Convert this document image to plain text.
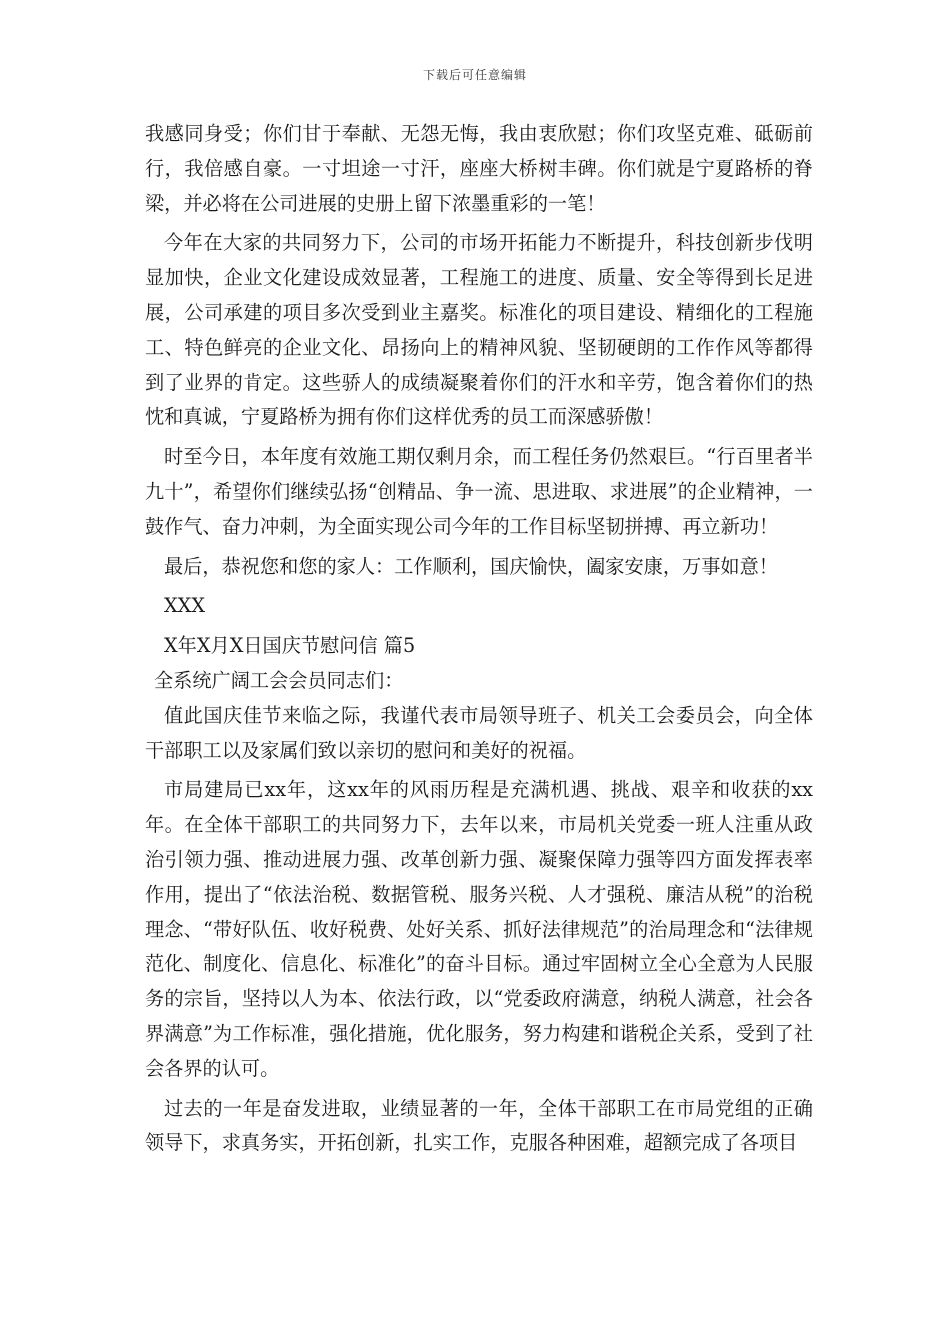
下载后可任意编辑

我感同身受；你们甘于奉献、无怨无悔，我由衷欣慰；你们攻坚克难、砥砺前行，我倍感自豪。一寸坦途一寸汗，座座大桥树丰碑。你们就是宁夏路桥的脊梁，并必将在公司进展的史册上留下浓墨重彩的一笔！

今年在大家的共同努力下，公司的市场开拓能力不断提升，科技创新步伐明显加快，企业文化建设成效显著，工程施工的进度、质量、安全等得到长足进展，公司承建的项目多次受到业主嘉奖。标准化的项目建设、精细化的工程施工、特色鲜亮的企业文化、昂扬向上的精神风貌、坚韧硬朗的工作作风等都得到了业界的肯定。这些骄人的成绩凝聚着你们的汗水和辛劳，饱含着你们的热忱和真诚，宁夏路桥为拥有你们这样优秀的员工而深感骄傲！

时至今日，本年度有效施工期仅剩月余，而工程任务仍然艰巨。“行百里者半九十”，希望你们继续弘扬“创精品、争一流、思进取、求进展”的企业精神，一鼓作气、奋力冲刺，为全面实现公司今年的工作目标坚韧拼搏、再立新功！

最后，恭祝您和您的家人：工作顺利，国庆愉快，阖家安康，万事如意！

XXX

X年X月X日国庆节慰问信 篇5

全系统广阔工会会员同志们：

值此国庆佳节来临之际，我谨代表市局领导班子、机关工会委员会，向全体干部职工以及家属们致以亲切的慰问和美好的祝福。

市局建局已xx年，这xx年的风雨历程是充满机遇、挑战、艰辛和收获的xx年。在全体干部职工的共同努力下，去年以来，市局机关党委一班人注重从政治引领力强、推动进展力强、改革创新力强、凝聚保障力强等四方面发挥表率作用，提出了“依法治税、数据管税、服务兴税、人才强税、廉洁从税”的治税理念、“带好队伍、收好税费、处好关系、抓好法律规范”的治局理念和“法律规范化、制度化、信息化、标准化”的奋斗目标。通过牢固树立全心全意为人民服务的宗旨，坚持以人为本、依法行政，以“党委政府满意，纳税人满意，社会各界满意”为工作标准，强化措施，优化服务，努力构建和谐税企关系，受到了社会各界的认可。

过去的一年是奋发进取，业绩显著的一年，全体干部职工在市局党组的正确领导下，求真务实，开拓创新，扎实工作，克服各种困难，超额完成了各项目
